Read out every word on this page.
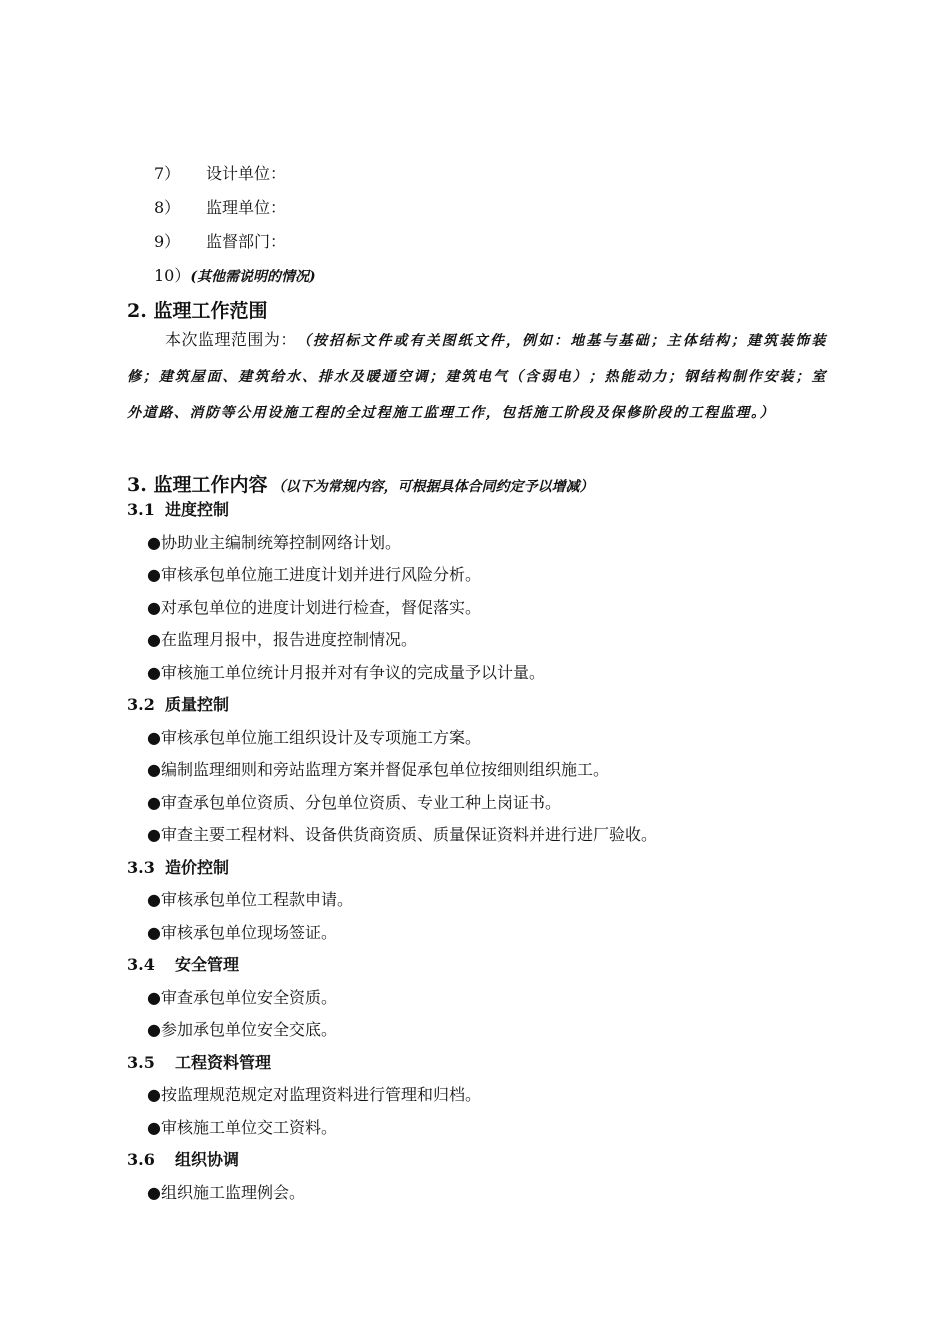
7） 设计单位：
8） 监理单位：
9） 监督部门：
10）(其他需说明的情况)
2. 监理工作范围
本次监理范围为：（按招标文件或有关图纸文件，例如：地基与基础；主体结构；建筑装饰装修；建筑屋面、建筑给水、排水及暖通空调；建筑电气（含弱电）；热能动力；钢结构制作安装；室外道路、消防等公用设施工程的全过程施工监理工作，包括施工阶段及保修阶段的工程监理。）
3. 监理工作内容 （以下为常规内容，可根据具体合同约定予以增减）
3.1 进度控制
●协助业主编制统筹控制网络计划。
●审核承包单位施工进度计划并进行风险分析。
●对承包单位的进度计划进行检查，督促落实。
●在监理月报中，报告进度控制情况。
●审核施工单位统计月报并对有争议的完成量予以计量。
3.2 质量控制
●审核承包单位施工组织设计及专项施工方案。
●编制监理细则和旁站监理方案并督促承包单位按细则组织施工。
●审查承包单位资质、分包单位资质、专业工种上岗证书。
●审查主要工程材料、设备供货商资质、质量保证资料并进行进厂验收。
3.3 造价控制
●审核承包单位工程款申请。
●审核承包单位现场签证。
3.4 安全管理
●审查承包单位安全资质。
●参加承包单位安全交底。
3.5 工程资料管理
●按监理规范规定对监理资料进行管理和归档。
●审核施工单位交工资料。
3.6 组织协调
●组织施工监理例会。
